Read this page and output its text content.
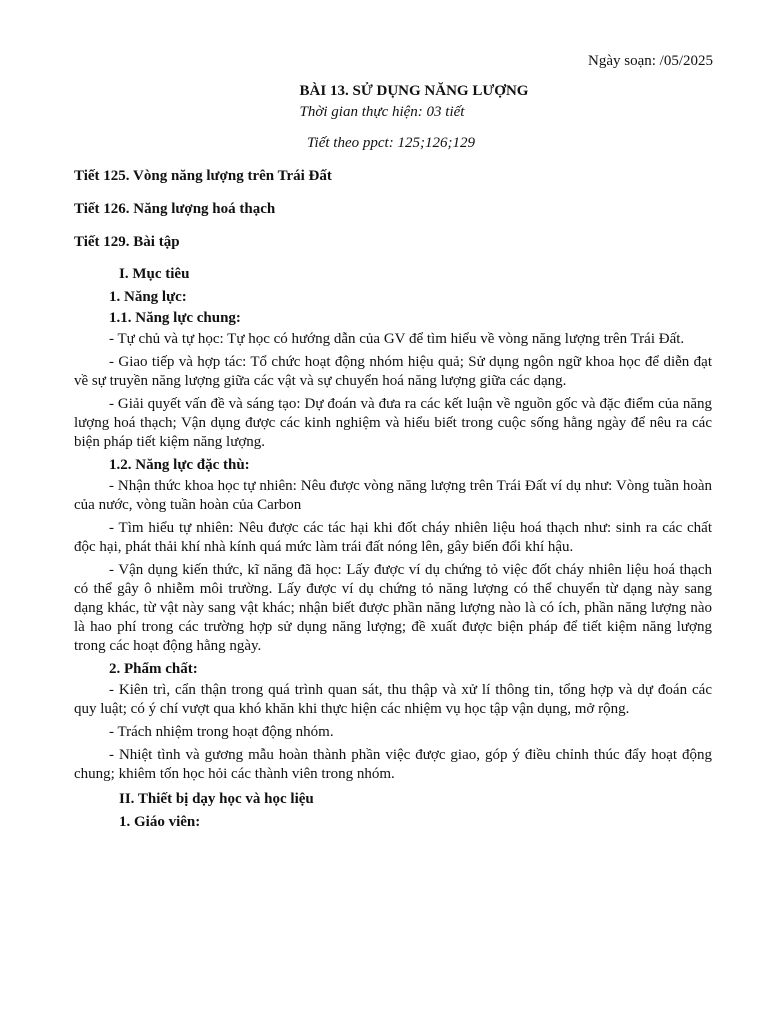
Ngày soạn: /05/2025
BÀI 13. SỬ DỤNG NĂNG LƯỢNG
Thời gian thực hiện: 03 tiết
Tiết theo ppct: 125;126;129
Tiết 125. Vòng năng lượng trên Trái Đất
Tiết 126. Năng lượng hoá thạch
Tiết 129. Bài tập
I. Mục tiêu
1. Năng lực:
1.1. Năng lực chung:
- Tự chủ và tự học: Tự học có hướng dẫn của GV để tìm hiểu về vòng năng lượng trên Trái Đất.
- Giao tiếp và hợp tác: Tổ chức hoạt động nhóm hiệu quả; Sử dụng ngôn ngữ khoa học để diễn đạt về sự truyền năng lượng giữa các vật và sự chuyển hoá năng lượng giữa các dạng.
- Giải quyết vấn đề và sáng tạo: Dự đoán và đưa ra các kết luận về nguồn gốc và đặc điểm của năng lượng hoá thạch; Vận dụng được các kinh nghiệm và hiểu biết trong cuộc sống hằng ngày để nêu ra các biện pháp tiết kiệm năng lượng.
1.2. Năng lực đặc thù:
- Nhận thức khoa học tự nhiên: Nêu được vòng năng lượng trên Trái Đất ví dụ như: Vòng tuần hoàn của nước, vòng tuần hoàn của Carbon
- Tìm hiểu tự nhiên: Nêu được các tác hại khi đốt cháy nhiên liệu hoá thạch như: sinh ra các chất độc hại, phát thải khí nhà kính quá mức làm trái đất nóng lên, gây biến đổi khí hậu.
- Vận dụng kiến thức, kĩ năng đã học: Lấy được ví dụ chứng tỏ việc đốt cháy nhiên liệu hoá thạch có thể gây ô nhiễm môi trường. Lấy được ví dụ chứng tỏ năng lượng có thể chuyển từ dạng này sang dạng khác, từ vật này sang vật khác; nhận biết được phần năng lượng nào là có ích, phần năng lượng nào là hao phí trong các trường hợp sử dụng năng lượng; đề xuất được biện pháp để tiết kiệm năng lượng trong các hoạt động hằng ngày.
2. Phẩm chất:
- Kiên trì, cẩn thận trong quá trình quan sát, thu thập và xử lí thông tin, tổng hợp và dự đoán các quy luật; có ý chí vượt qua khó khăn khi thực hiện các nhiệm vụ học tập vận dụng, mở rộng.
- Trách nhiệm trong hoạt động nhóm.
- Nhiệt tình và gương mẫu hoàn thành phần việc được giao, góp ý điều chỉnh thúc đẩy hoạt động chung; khiêm tốn học hỏi các thành viên trong nhóm.
II. Thiết bị dạy học và học liệu
1. Giáo viên:
